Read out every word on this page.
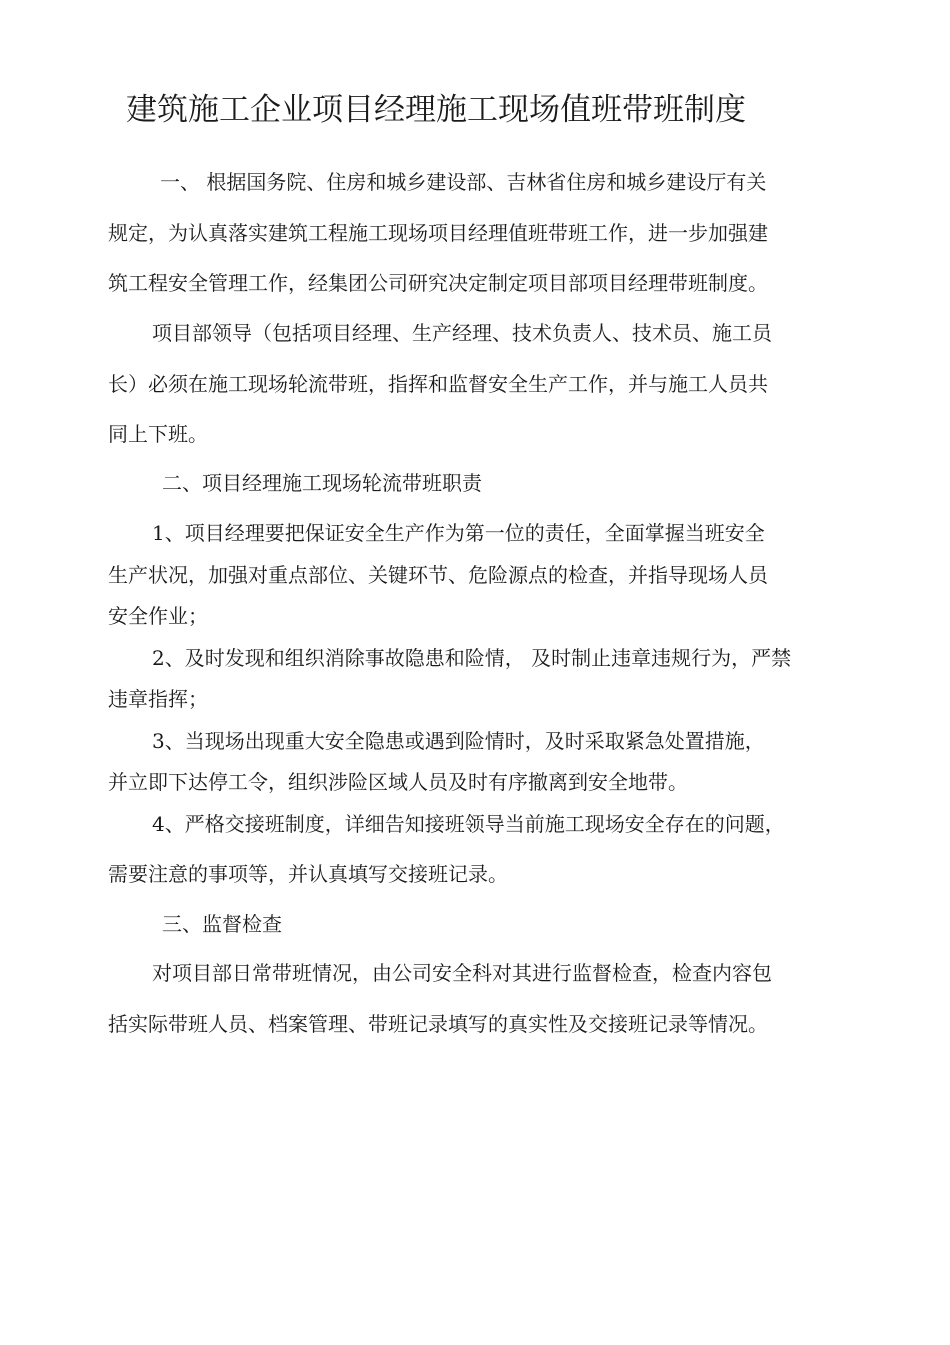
建筑施工企业项目经理施工现场值班带班制度

一、 根据国务院、住房和城乡建设部、吉林省住房和城乡建设厅有关

规定，为认真落实建筑工程施工现场项目经理值班带班工作，进一步加强建

筑工程安全管理工作，经集团公司研究决定制定项目部项目经理带班制度。

项目部领导（包括项目经理、生产经理、技术负责人、技术员、施工员

长）必须在施工现场轮流带班，指挥和监督安全生产工作，并与施工人员共

同上下班。

二、项目经理施工现场轮流带班职责

1、项目经理要把保证安全生产作为第一位的责任，全面掌握当班安全

生产状况，加强对重点部位、关键环节、危险源点的检查，并指导现场人员

安全作业；

2、及时发现和组织消除事故隐患和险情， 及时制止违章违规行为，严禁

违章指挥；

3、当现场出现重大安全隐患或遇到险情时，及时采取紧急处置措施，

并立即下达停工令，组织涉险区域人员及时有序撤离到安全地带。

4、严格交接班制度，详细告知接班领导当前施工现场安全存在的问题，

需要注意的事项等，并认真填写交接班记录。

三、监督检查

对项目部日常带班情况，由公司安全科对其进行监督检查，检查内容包

括实际带班人员、档案管理、带班记录填写的真实性及交接班记录等情况。
